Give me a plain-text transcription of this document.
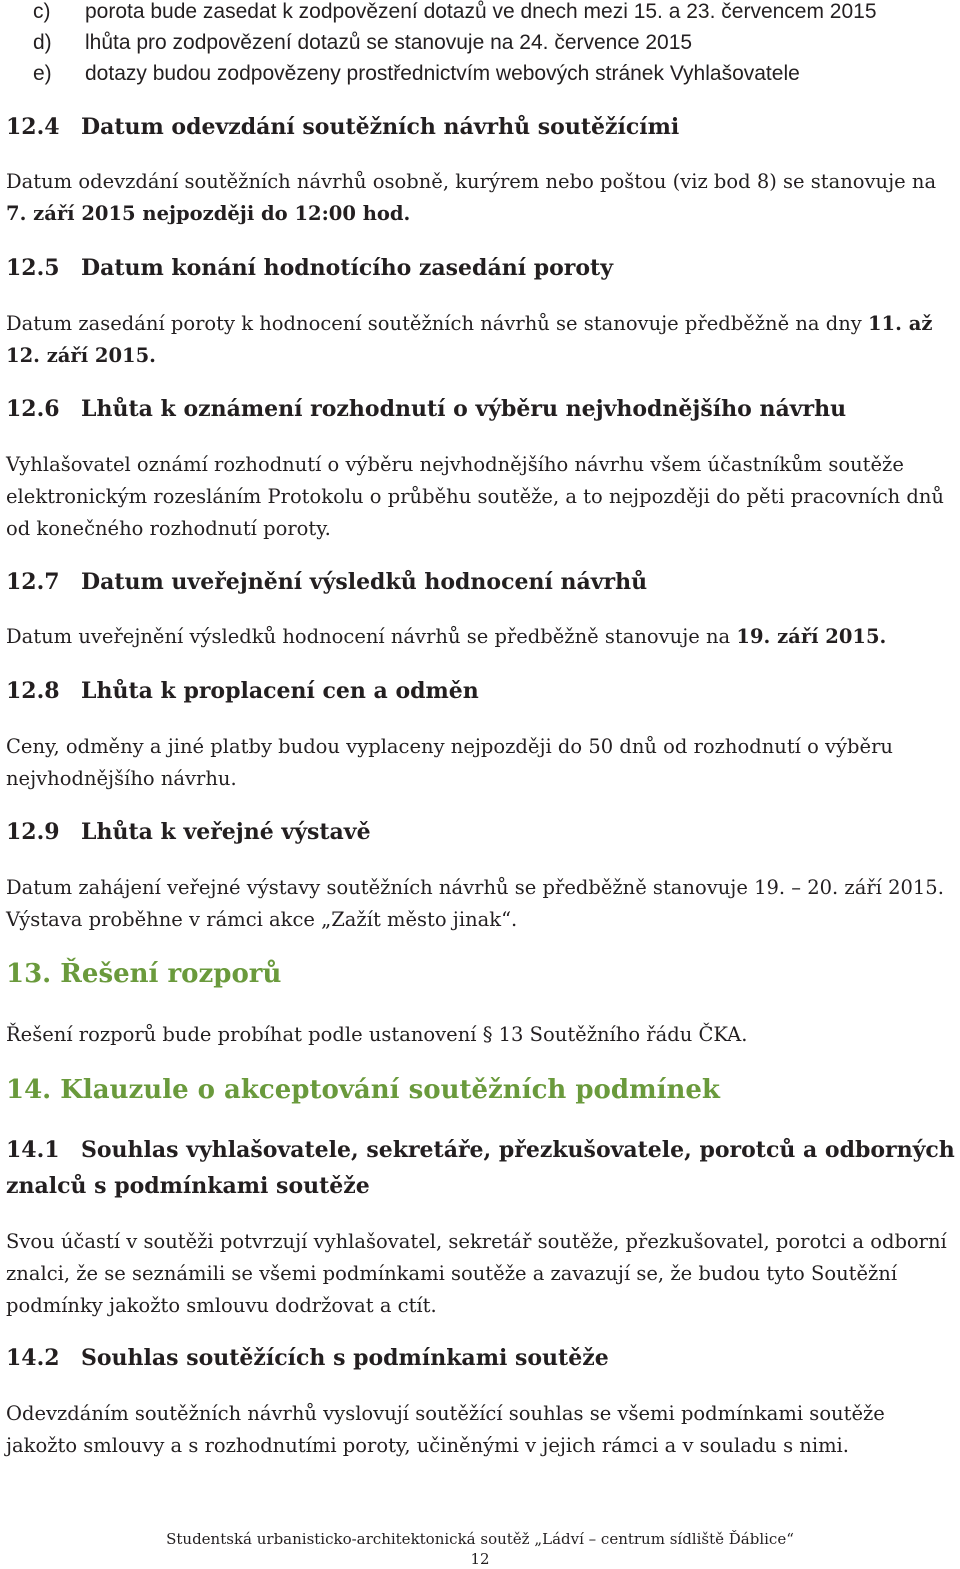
c) porota bude zasedat k zodpovězení dotazů ve dnech mezi 15. a 23. červencem 2015
d) lhůta pro zodpovězení dotazů se stanovuje na 24. července 2015
e) dotazy budou zodpovězeny prostřednictvím webových stránek Vyhlašovatele
12.4 Datum odevzdání soutěžních návrhů soutěžícími
Datum odevzdání soutěžních návrhů osobně, kurýrem nebo poštou (viz bod 8) se stanovuje na
7. září 2015 nejpozději do 12:00 hod.
12.5 Datum konání hodnotícího zasedání poroty
Datum zasedání poroty k hodnocení soutěžních návrhů se stanovuje předběžně na dny 11. až
12. září 2015.
12.6 Lhůta k oznámení rozhodnutí o výběru nejvhodnějšího návrhu
Vyhlašovatel oznámí rozhodnutí o výběru nejvhodnějšího návrhu všem účastníkům soutěže
elektronickým rozesláním Protokolu o průběhu soutěže, a to nejpozději do pěti pracovních dnů
od konečného rozhodnutí poroty.
12.7 Datum uveřejnění výsledků hodnocení návrhů
Datum uveřejnění výsledků hodnocení návrhů se předběžně stanovuje na 19. září 2015.
12.8 Lhůta k proplacení cen a odměn
Ceny, odměny a jiné platby budou vyplaceny nejpozději do 50 dnů od rozhodnutí o výběru
nejvhodnějšího návrhu.
12.9 Lhůta k veřejné výstavě
Datum zahájení veřejné výstavy soutěžních návrhů se předběžně stanovuje 19. – 20. září 2015.
Výstava proběhne v rámci akce „Zažít město jinak“.
13. Řešení rozporů
Řešení rozporů bude probíhat podle ustanovení § 13 Soutěžního řádu ČKA.
14. Klauzule o akceptování soutěžních podmínek
14.1 Souhlas vyhlašovatele, sekretáře, přezkušovatele, porotců a odborných
znalců s podmínkami soutěže
Svou účastí v soutěži potvrzují vyhlašovatel, sekretář soutěže, přezkušovatel, porotci a odborní
znalci, že se seznámili se všemi podmínkami soutěže a zavazují se, že budou tyto Soutěžní
podmínky jakožto smlouvu dodržovat a ctít.
14.2 Souhlas soutěžících s podmínkami soutěže
Odevzdáním soutěžních návrhů vyslovují soutěžící souhlas se všemi podmínkami soutěže
jakožto smlouvy a s rozhodnutími poroty, učiněnými v jejich rámci a v souladu s nimi.
Studentská urbanisticko-architektonická soutěž „Ládví – centrum sídliště Ďáblice“
12
